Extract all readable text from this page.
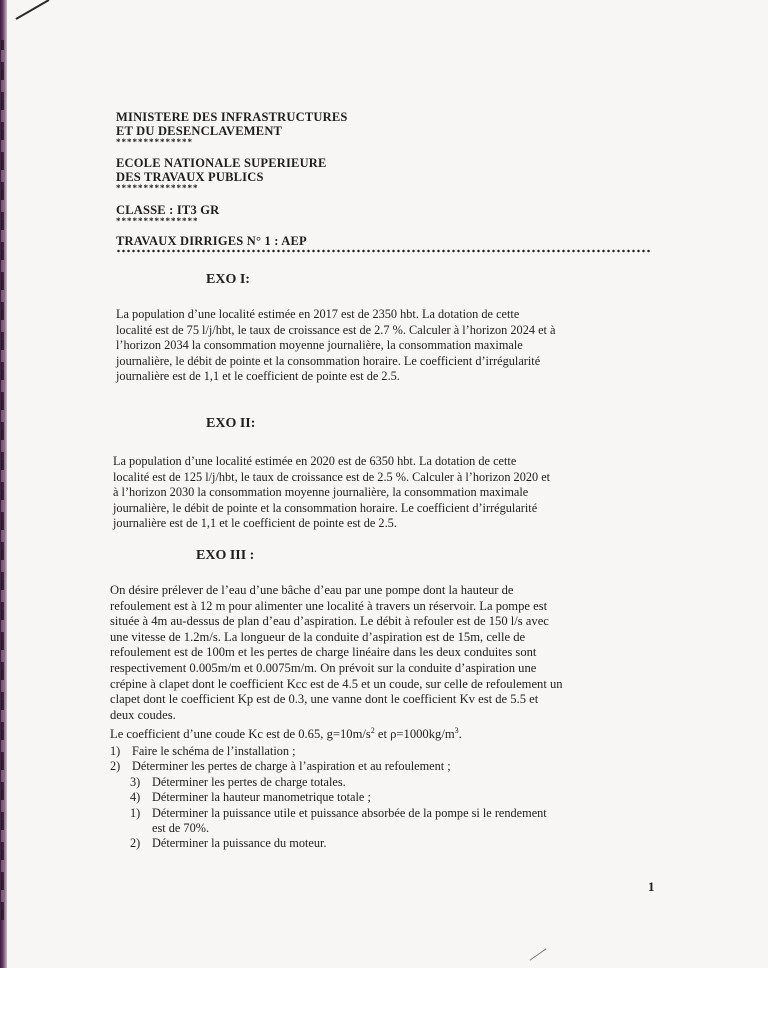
MINISTERE DES INFRASTRUCTURES
ET DU DESENCLAVEMENT
**************
ECOLE NATIONALE SUPERIEURE
DES TRAVAUX PUBLICS
***************
CLASSE : IT3 GR
***************
TRAVAUX DIRRIGES N° 1 : AEP
EXO I:
La population d’une localité estimée en 2017 est de 2350 hbt. La dotation de cette
localité est de 75 l/j/hbt, le taux de croissance est de 2.7 %. Calculer à l’horizon 2024 et à
l’horizon 2034 la consommation moyenne journalière, la consommation maximale
journalière, le débit de pointe et la consommation horaire. Le coefficient d’irrégularité
journalière est de 1,1 et le coefficient de pointe est de 2.5.
EXO II:
La population d’une localité estimée en 2020 est de 6350 hbt. La dotation de cette
localité est de 125 l/j/hbt, le taux de croissance est de 2.5 %. Calculer à l’horizon 2020 et
à l’horizon 2030 la consommation moyenne journalière, la consommation maximale
journalière, le débit de pointe et la consommation horaire. Le coefficient d’irrégularité
journalière est de 1,1 et le coefficient de pointe est de 2.5.
EXO III :
On désire prélever de l’eau d’une bâche d’eau par une pompe dont la hauteur de
refoulement est à 12 m pour alimenter une localité à travers un réservoir. La pompe est
située à 4m au-dessus de plan d’eau d’aspiration. Le débit à refouler est de 150 l/s avec
une vitesse de 1.2m/s. La longueur de la conduite d’aspiration est de 15m, celle de
refoulement est de 100m et les pertes de charge linéaire dans les deux conduites sont
respectivement 0.005m/m et 0.0075m/m. On prévoit sur la conduite d’aspiration une
crépine à clapet dont le coefficient Kcc est de 4.5 et un coude, sur celle de refoulement un
clapet dont le coefficient Kp est de 0.3, une vanne dont le coefficient Kv est de 5.5 et
deux coudes.
Le coefficient d’une coude Kc est de 0.65, $g=10m/s^2$ et $\rho=1000kg/m^3$.
1) Faire le schéma de l’installation ;
2) Déterminer les pertes de charge à l’aspiration et au refoulement ;
3) Déterminer les pertes de charge totales.
4) Déterminer la hauteur manometrique totale ;
1) Déterminer la puissance utile et puissance absorbée de la pompe si le rendement
est de 70%.
2) Déterminer la puissance du moteur.
1
